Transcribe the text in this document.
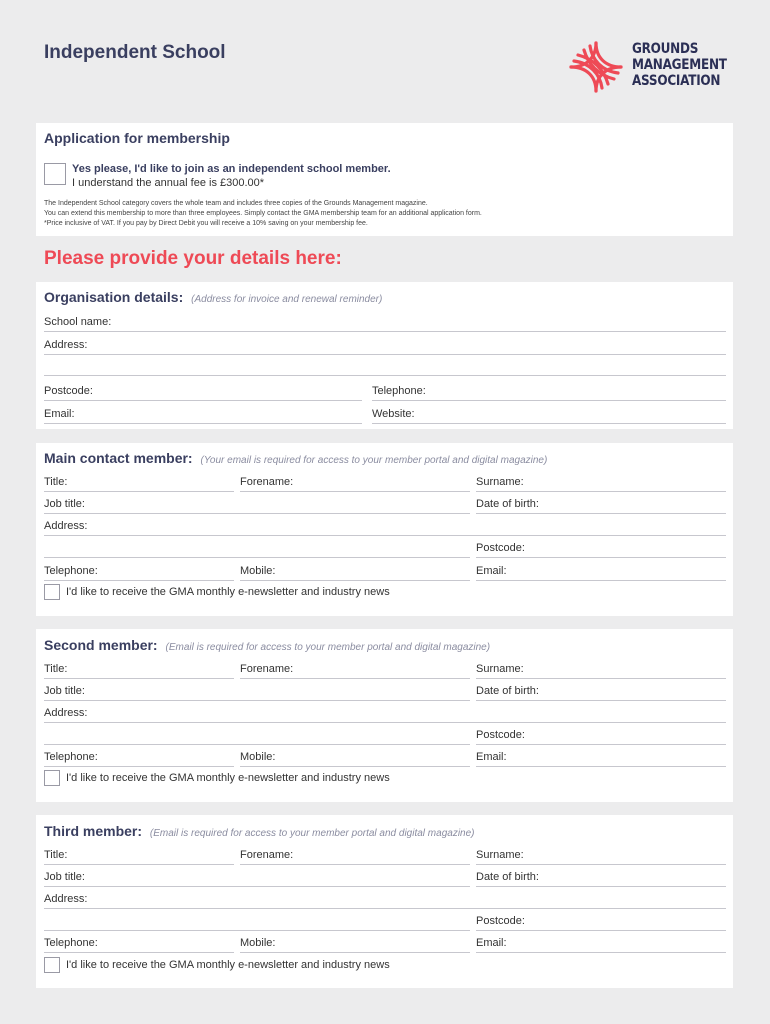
Independent School	GROUNDS
MANAGEMENT
ASSOCIATION
Application for membership
Yes please, I'd like to join as an independent school member.
I understand the annual fee is £300.00*
The Independent School category covers the whole team and includes three copies of the Grounds Management magazine.
You can extend this membership to more than three employees. Simply contact the GMA membership team for an additional application form.
*Price inclusive of VAT. If you pay by Direct Debit you will receive a 10% saving on your membership fee.
Please provide your details here:
Organisation details: (Address for invoice and renewal reminder)
School name:
Address:
Postcode:	Telephone:
Email:	Website:
Main contact member: (Your email is required for access to your member portal and digital magazine)
Title:	Forename:	Surname:
Job title:	Date of birth:
Address:
Postcode:
Telephone:	Mobile:	Email:
I'd like to receive the GMA monthly e-newsletter and industry news
Second member: (Email is required for access to your member portal and digital magazine)
Title:	Forename:	Surname:
Job title:	Date of birth:
Address:
Postcode:
Telephone:	Mobile:	Email:
I'd like to receive the GMA monthly e-newsletter and industry news
Third member: (Email is required for access to your member portal and digital magazine)
Title:	Forename:	Surname:
Job title:	Date of birth:
Address:
Postcode:
Telephone:	Mobile:	Email:
I'd like to receive the GMA monthly e-newsletter and industry news
